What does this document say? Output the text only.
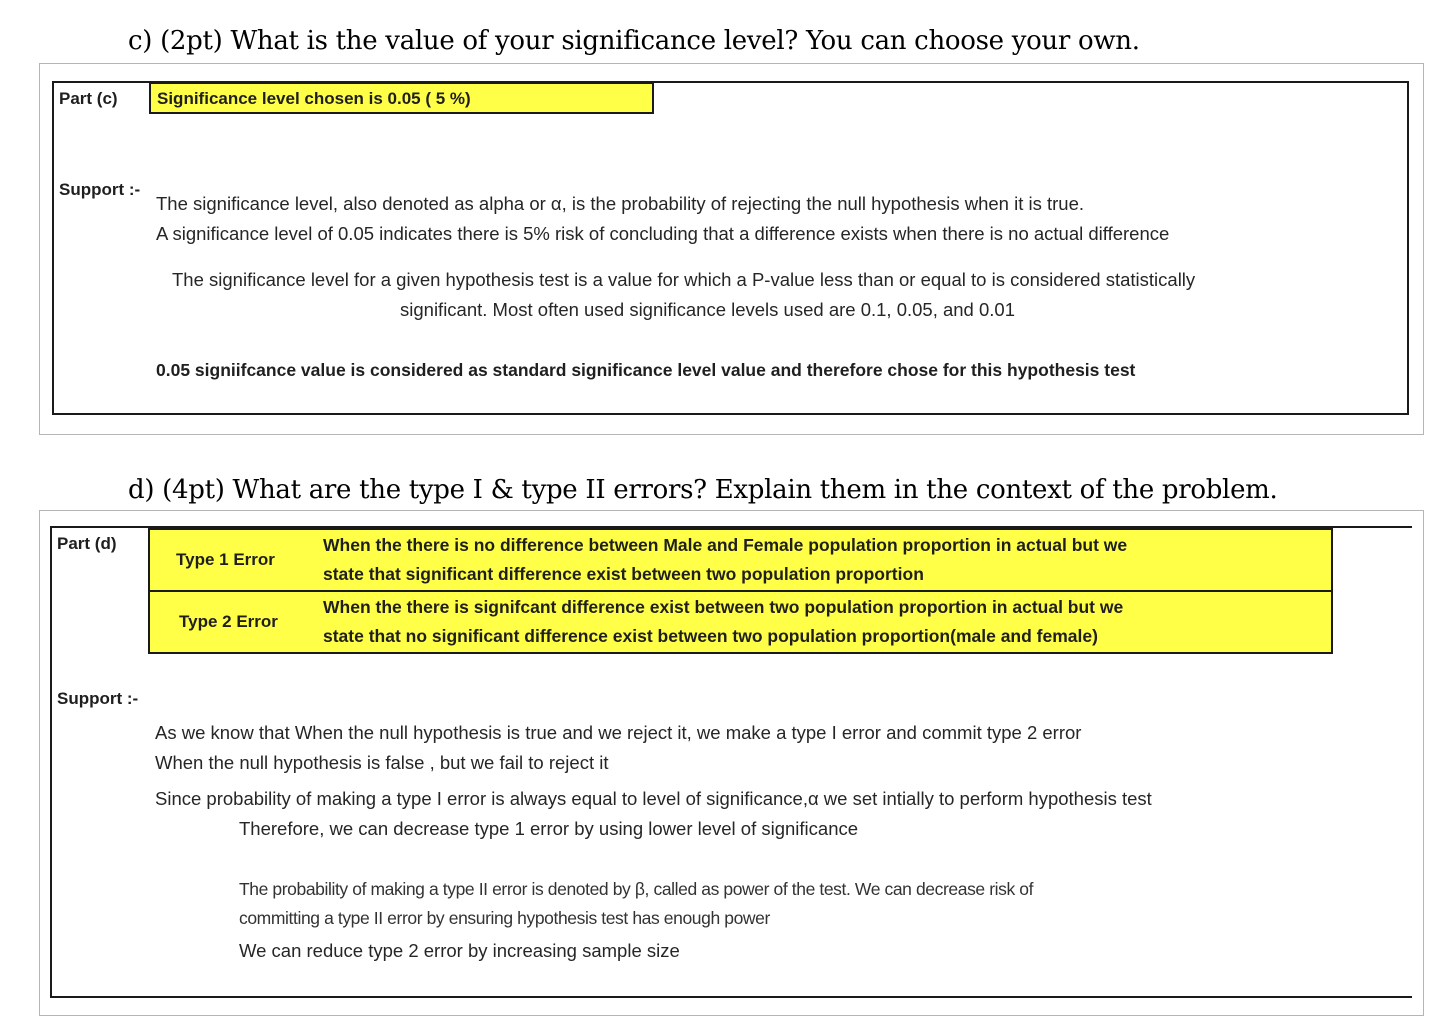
c) (2pt) What is the value of your significance level? You can choose your own.
Part (c) Significance level chosen is 0.05 ( 5 %)
Support :-
The significance level, also denoted as alpha or α, is the probability of rejecting the null hypothesis when it is true.
A significance level of 0.05 indicates there is 5% risk of concluding that a difference exists when there is no actual difference
The significance level for a given hypothesis test is a value for which a P-value less than or equal to is considered statistically
significant. Most often used significance levels used are 0.1, 0.05, and 0.01
0.05 signiifcance value is considered as standard significance level value and therefore chose for this hypothesis test
d) (4pt) What are the type I & type II errors? Explain them in the context of the problem.
Part (d)
Type 1 Error
When the there is no difference between Male and Female population proportion in actual but we
state that significant difference exist between two population proportion
Type 2 Error
When the there is signifcant difference exist between two population proportion in actual but we
state that no significant difference exist between two population proportion(male and female)
Support :-
As we know that When the null hypothesis is true and we reject it, we make a type I error and commit type 2 error
When the null hypothesis is false , but we fail to reject it
Since probability of making a type I error is always equal to level of significance,α we set intially to perform hypothesis test
Therefore, we can decrease type 1 error by using lower level of significance
The probability of making a type II error is denoted by β, called as power of the test. We can decrease risk of
committing a type II error by ensuring hypothesis test has enough power
We can reduce type 2 error by increasing sample size
